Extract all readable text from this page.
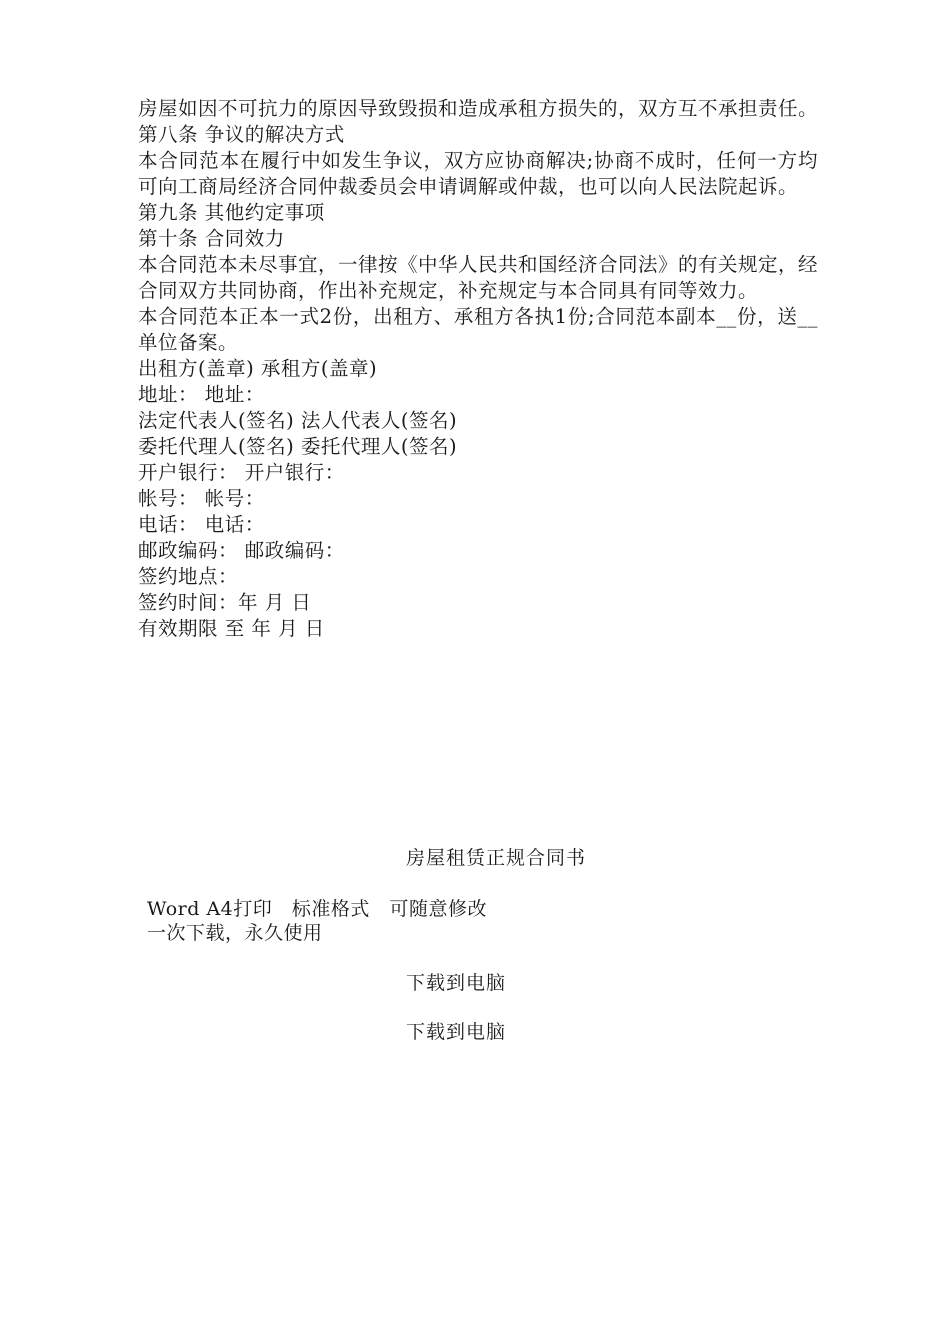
房屋如因不可抗力的原因导致毁损和造成承租方损失的，双方互不承担责任。

第八条 争议的解决方式

本合同范本在履行中如发生争议，双方应协商解决;协商不成时，任何一方均可向工商局经济合同仲裁委员会申请调解或仲裁，也可以向人民法院起诉。

第九条 其他约定事项

第十条 合同效力

本合同范本未尽事宜，一律按《中华人民共和国经济合同法》的有关规定，经合同双方共同协商，作出补充规定，补充规定与本合同具有同等效力。

本合同范本正本一式2份，出租方、承租方各执1份;合同范本副本__份，送__单位备案。

出租方(盖章) 承租方(盖章)

地址： 地址：

法定代表人(签名) 法人代表人(签名)

委托代理人(签名) 委托代理人(签名)

开户银行： 开户银行：

帐号： 帐号：

电话： 电话：

邮政编码： 邮政编码：

签约地点：

签约时间：年 月 日

有效期限 至 年 月 日

房屋租赁正规合同书
Word A4打印   标准格式   可随意修改
一次下载，永久使用
下载到电脑
下载到电脑
